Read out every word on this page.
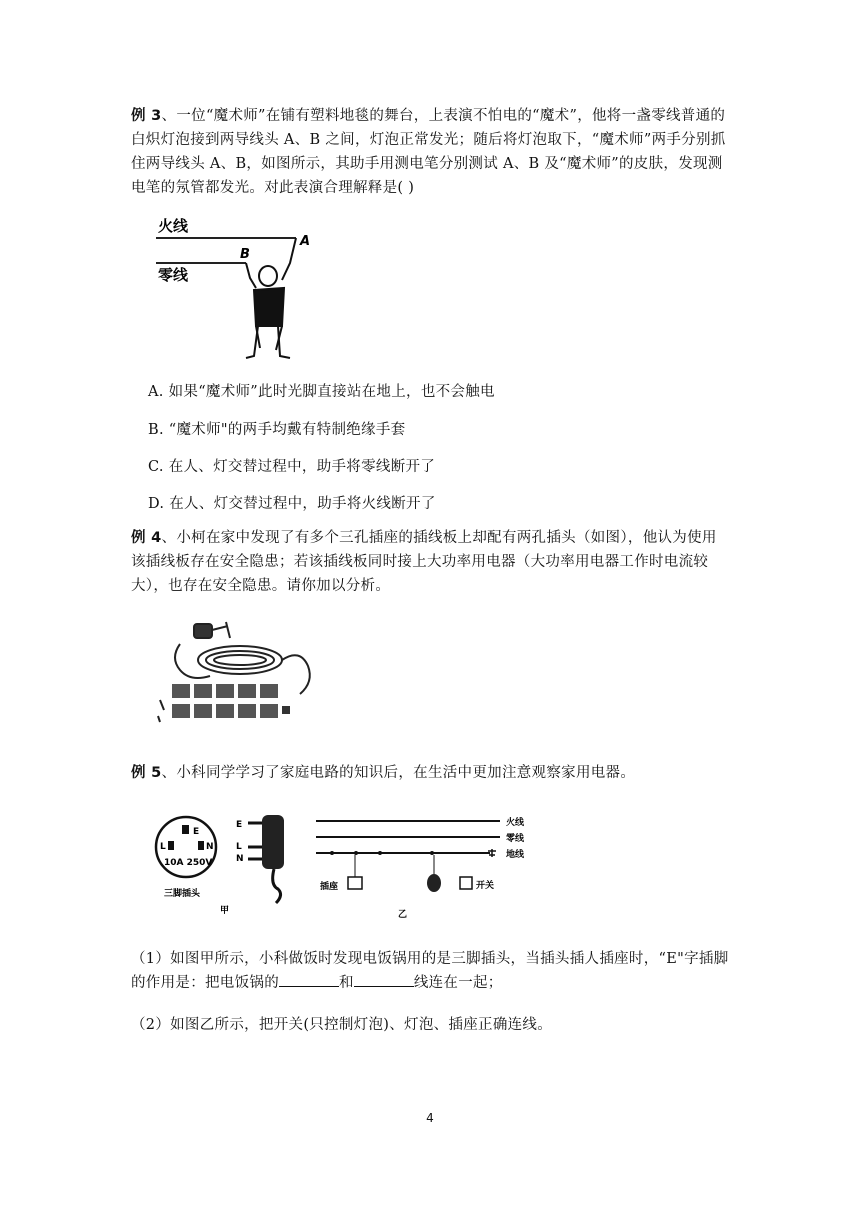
例 3、一位“魔术师”在铺有塑料地毯的舞台，上表演不怕电的“魔术”，他将一盏零线普通的白炽灯泡接到两导线头 A、B 之间，灯泡正常发光；随后将灯泡取下，“魔术师”两手分别抓住两导线头 A、B，如图所示，其助手用测电笔分别测试 A、B 及“魔术师”的皮肤，发现测电笔的氖管都发光。对此表演合理解释是( )
火线
A
B
零线
A. 如果“魔术师”此时光脚直接站在地上，也不会触电
B. “魔术师"的两手均戴有特制绝缘手套
C. 在人、灯交替过程中，助手将零线断开了
D. 在人、灯交替过程中，助手将火线断开了
例 4、小柯在家中发现了有多个三孔插座的插线板上却配有两孔插头（如图），他认为使用该插线板存在安全隐患；若该插线板同时接上大功率用电器（大功率用电器工作时电流较大），也存在安全隐患。请你加以分析。
例 5、小科同学学习了家庭电路的知识后，在生活中更加注意观察家用电器。
E
L	N
10A 250V
三脚插头
E
L
N
甲
火线
零线
地线
插座	开关
乙
（1）如图甲所示，小科做饭时发现电饭锅用的是三脚插头，当插头插人插座时，“E"字插脚的作用是：把电饭锅的	和	线连在一起；
（2）如图乙所示，把开关(只控制灯泡)、灯泡、插座正确连线。
4
